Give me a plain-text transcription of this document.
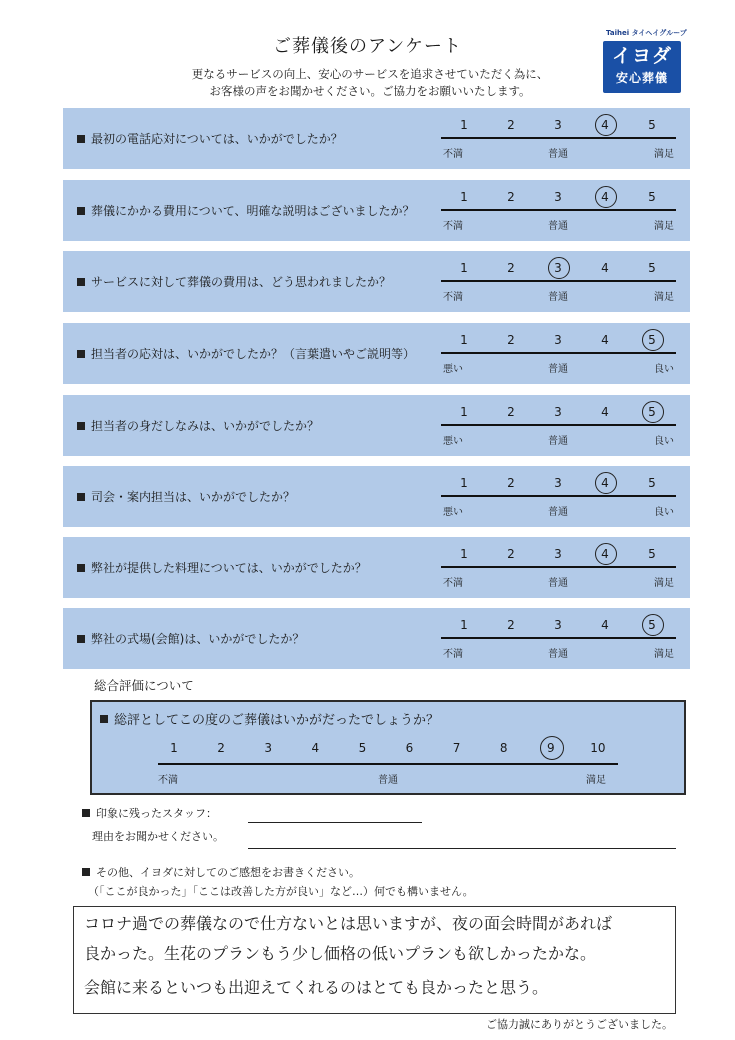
ご葬儀後のアンケート
更なるサービスの向上、安心のサービスを追求させていただく為に、
お客様の声をお聞かせください。ご協力をお願いいたします。
Taihei タイヘイグループ
イヨダ
安心葬儀
最初の電話応対については、いかがでしたか？
1	2	3	4	5
不満	普通	満足
葬儀にかかる費用について、明確な説明はございましたか？
1	2	3	4	5
不満	普通	満足
サービスに対して葬儀の費用は、どう思われましたか？
1	2	3	4	5
不満	普通	満足
担当者の応対は、いかがでしたか？（言葉遣いやご説明等）
1	2	3	4	5
悪い	普通	良い
担当者の身だしなみは、いかがでしたか？
1	2	3	4	5
悪い	普通	良い
司会・案内担当は、いかがでしたか？
1	2	3	4	5
悪い	普通	良い
弊社が提供した料理については、いかがでしたか？
1	2	3	4	5
不満	普通	満足
弊社の式場(会館)は、いかがでしたか？
1	2	3	4	5
不満	普通	満足
総合評価について
総評としてこの度のご葬儀はいかがだったでしょうか？
不満	普通	満足
1	2	3	4	5	6	7	8	9	10
印象に残ったスタッフ：
理由をお聞かせください。
その他、イヨダに対してのご感想をお書きください。
（「ここが良かった」「ここは改善した方が良い」など…）何でも構いません。
コロナ過での葬儀なので仕方ないとは思いますが、夜の面会時間があれば
良かった。生花のプランもう少し価格の低いプランも欲しかったかな。
会館に来るといつも出迎えてくれるのはとても良かったと思う。
ご協力誠にありがとうございました。
